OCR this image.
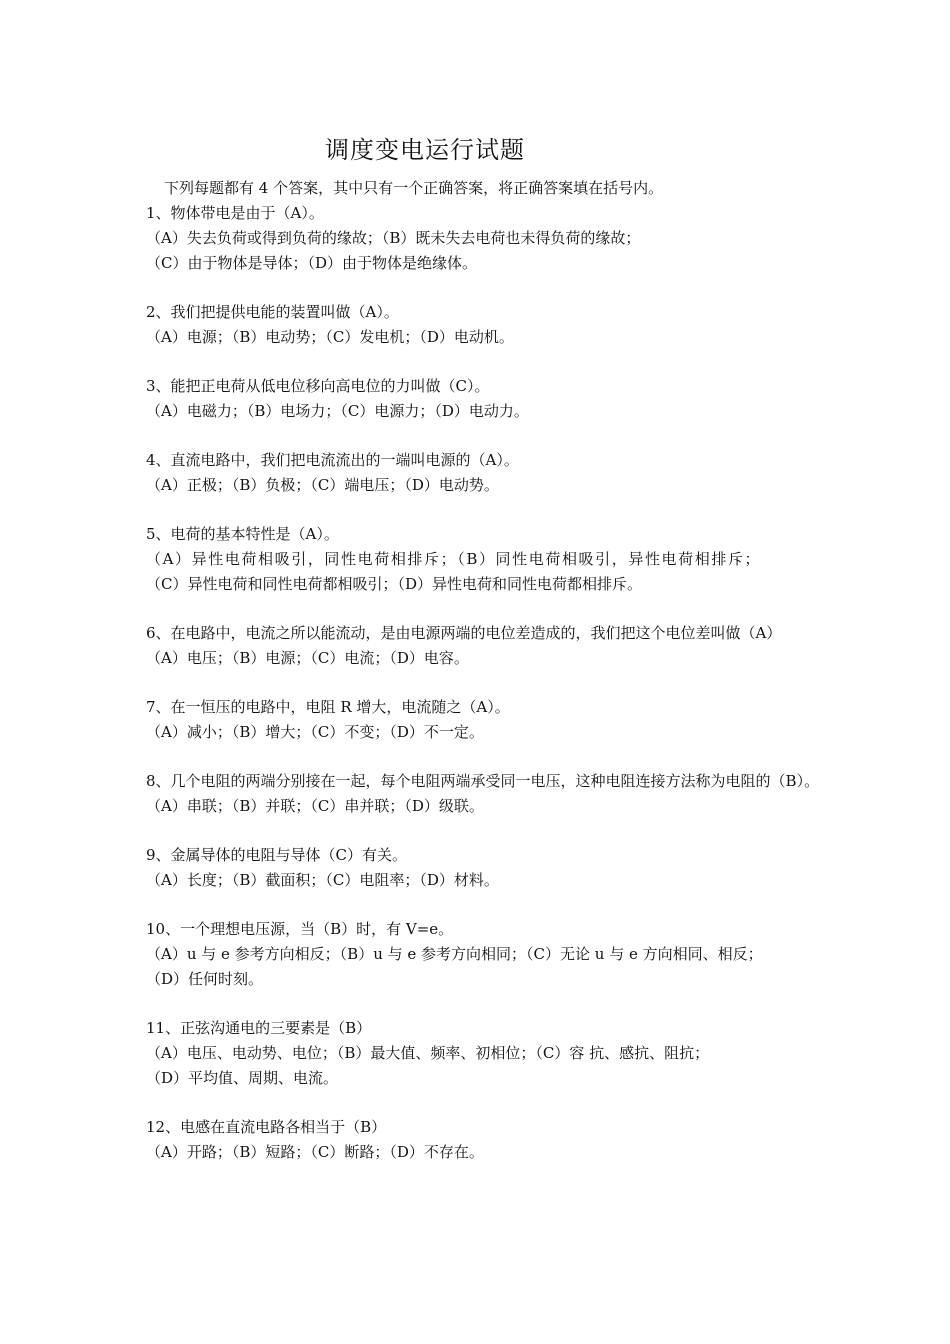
调度变电运行试题
下列每题都有 4 个答案，其中只有一个正确答案，将正确答案填在括号内。
1、物体带电是由于（A）。
（A）失去负荷或得到负荷的缘故；（B）既未失去电荷也未得负荷的缘故；
（C）由于物体是导体；（D）由于物体是绝缘体。
2、我们把提供电能的装置叫做（A）。
（A）电源；（B）电动势；（C）发电机；（D）电动机。
3、能把正电荷从低电位移向高电位的力叫做（C）。
（A）电磁力；（B）电场力；（C）电源力；（D）电动力。
4、直流电路中，我们把电流流出的一端叫电源的（A）。
（A）正极；（B）负极；（C）端电压；（D）电动势。
5、电荷的基本特性是（A）。
（A）异性电荷相吸引，同性电荷相排斥；（B）同性电荷相吸引，异性电荷相排斥；
（C）异性电荷和同性电荷都相吸引；（D）异性电荷和同性电荷都相排斥。
6、在电路中，电流之所以能流动，是由电源两端的电位差造成的，我们把这个电位差叫做（A）
（A）电压；（B）电源；（C）电流；（D）电容。
7、在一恒压的电路中，电阻 R 增大，电流随之（A）。
（A）减小；（B）增大；（C）不变；（D）不一定。
8、几个电阻的两端分别接在一起，每个电阻两端承受同一电压，这种电阻连接方法称为电阻的（B）。
（A）串联；（B）并联；（C）串并联；（D）级联。
9、金属导体的电阻与导体（C）有关。
（A）长度；（B）截面积；（C）电阻率；（D）材料。
10、一个理想电压源，当（B）时，有 V=e。
（A）u 与 e 参考方向相反；（B）u 与 e 参考方向相同；（C）无论 u 与 e 方向相同、相反；
（D）任何时刻。
11、正弦沟通电的三要素是（B）
（A）电压、电动势、电位；（B）最大值、频率、初相位；（C）容 抗、感抗、阻抗；
（D）平均值、周期、电流。
12、电感在直流电路各相当于（B）
（A）开路；（B）短路；（C）断路；（D）不存在。
